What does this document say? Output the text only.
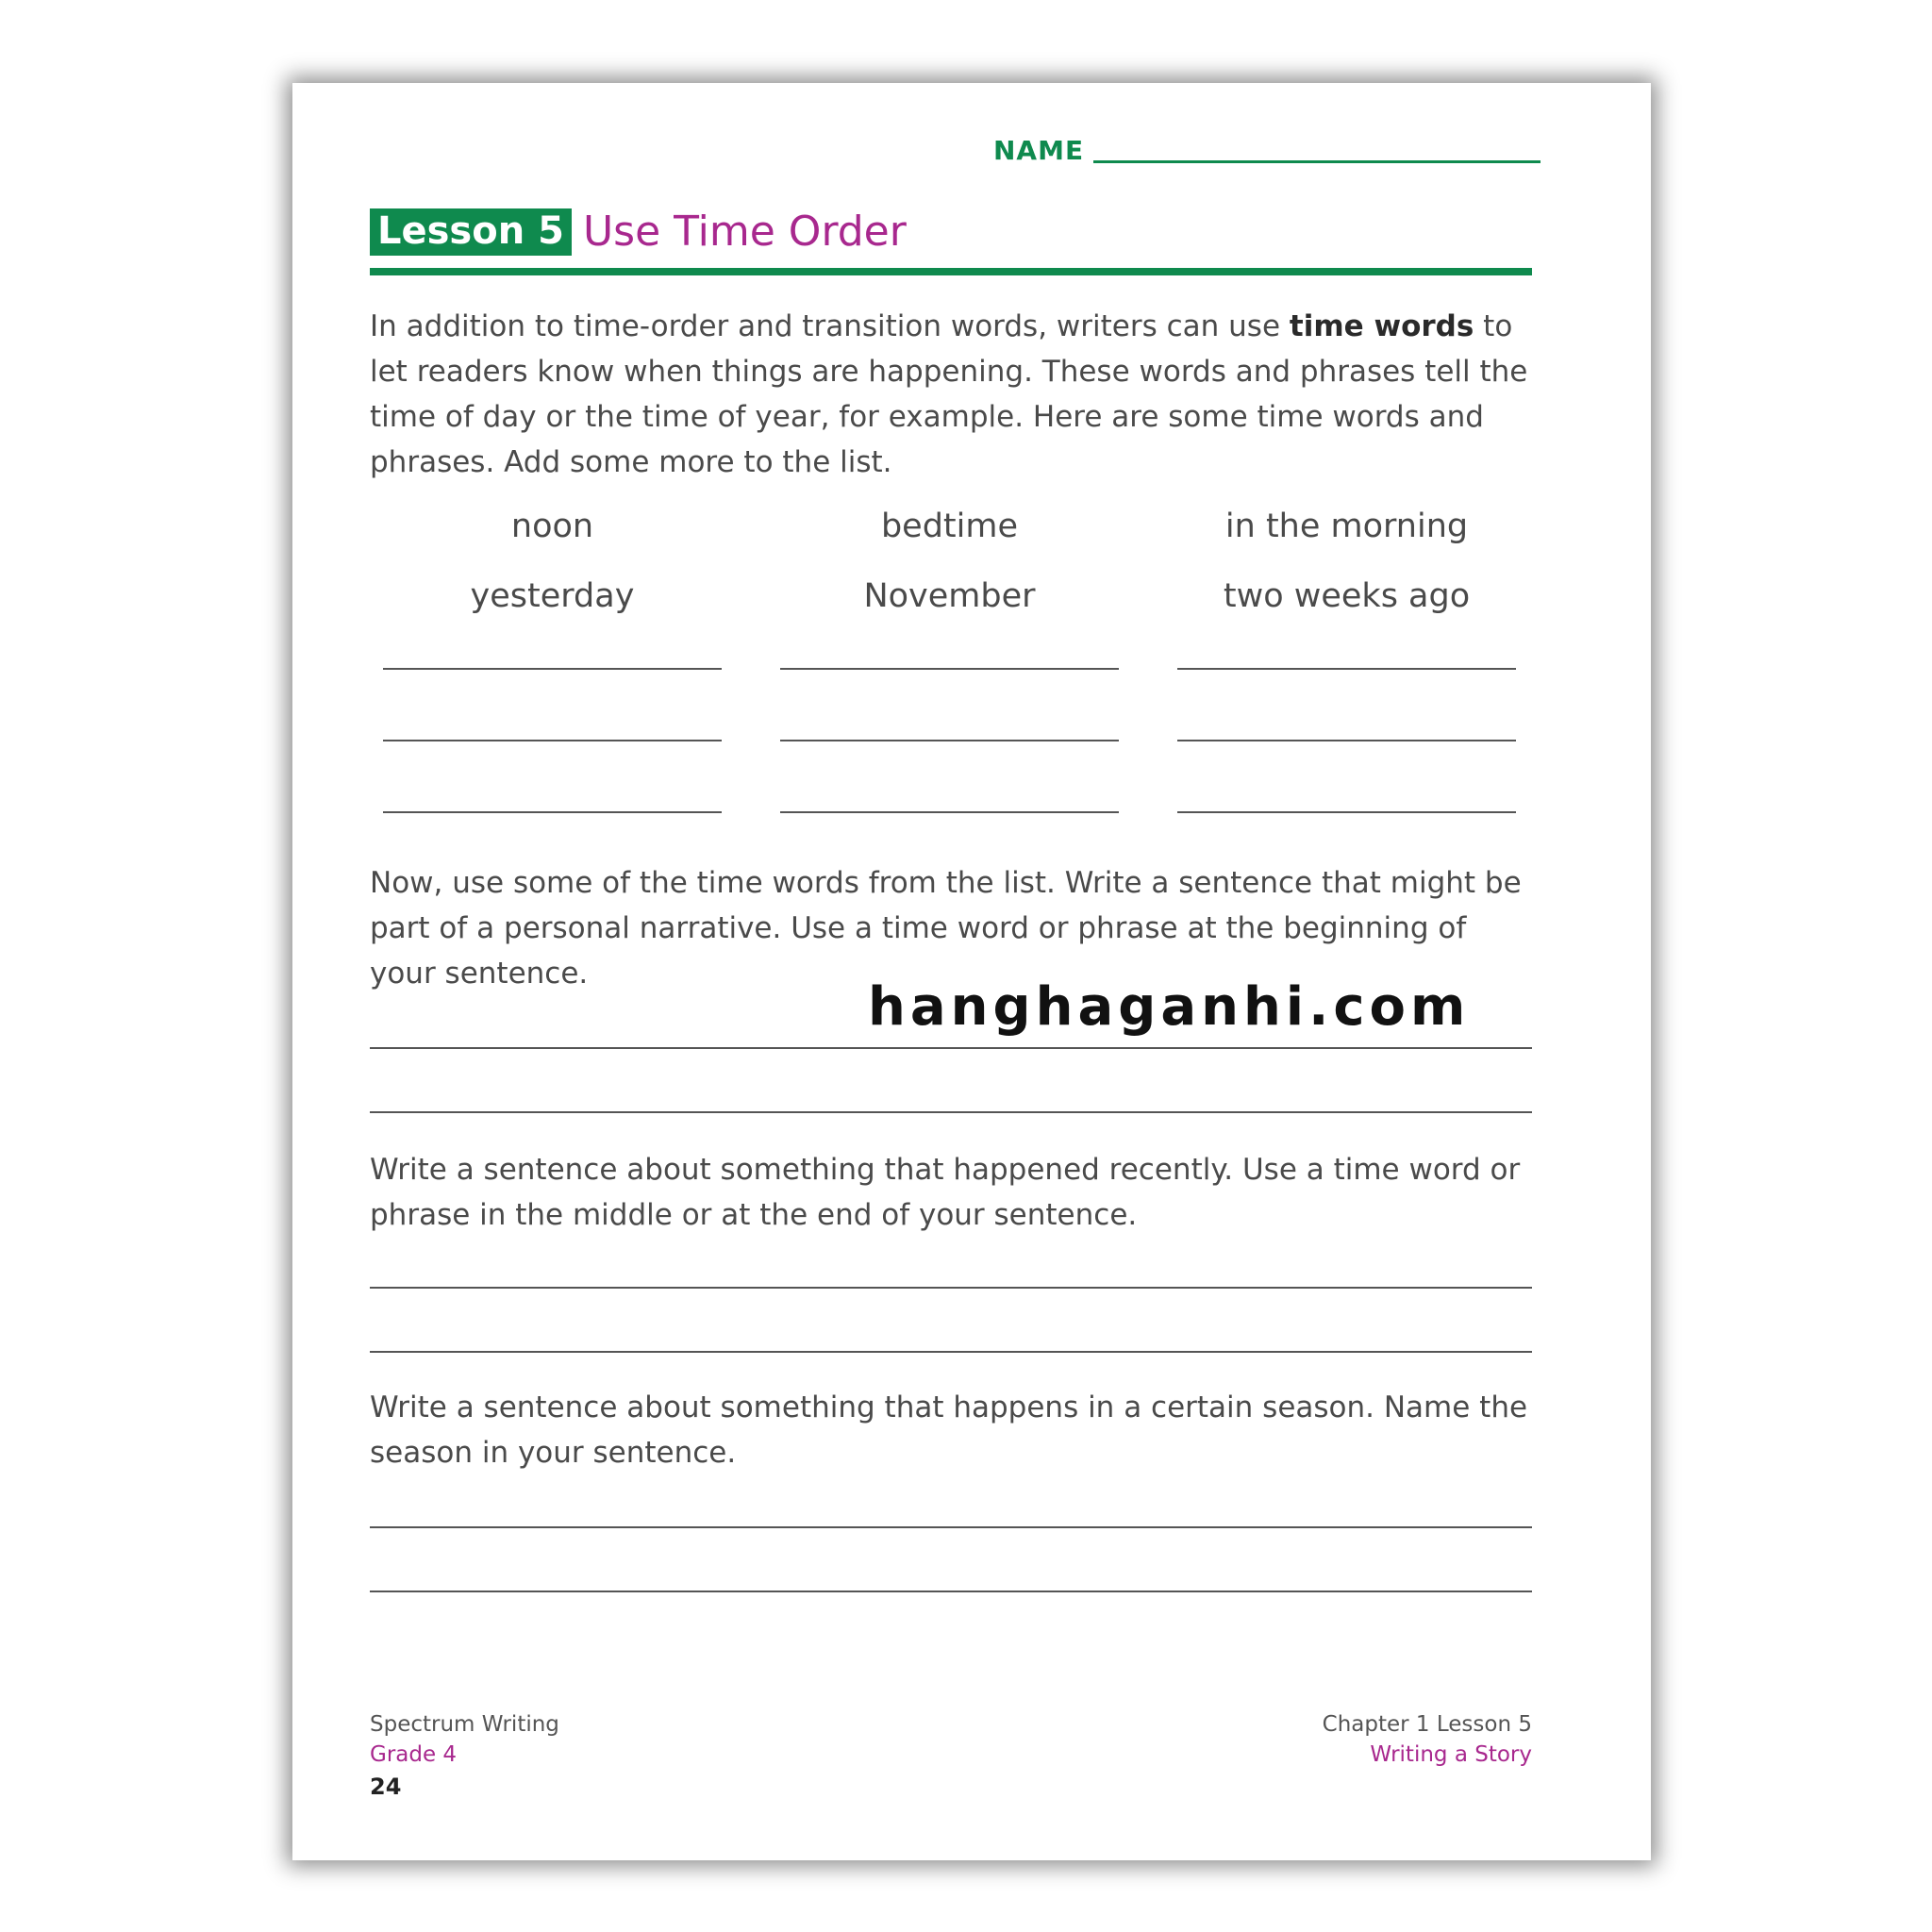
NAME
Lesson 5 Use Time Order

In addition to time-order and transition words, writers can use time words to let readers know when things are happening. These words and phrases tell the time of day or the time of year, for example. Here are some time words and phrases. Add some more to the list.

noon	bedtime	in the morning
yesterday	November	two weeks ago

Now, use some of the time words from the list. Write a sentence that might be part of a personal narrative. Use a time word or phrase at the beginning of your sentence.

Write a sentence about something that happened recently. Use a time word or phrase in the middle or at the end of your sentence.

Write a sentence about something that happens in a certain season. Name the season in your sentence.

Spectrum Writing
Grade 4
24
Chapter 1 Lesson 5
Writing a Story
hanghaganhi.com
